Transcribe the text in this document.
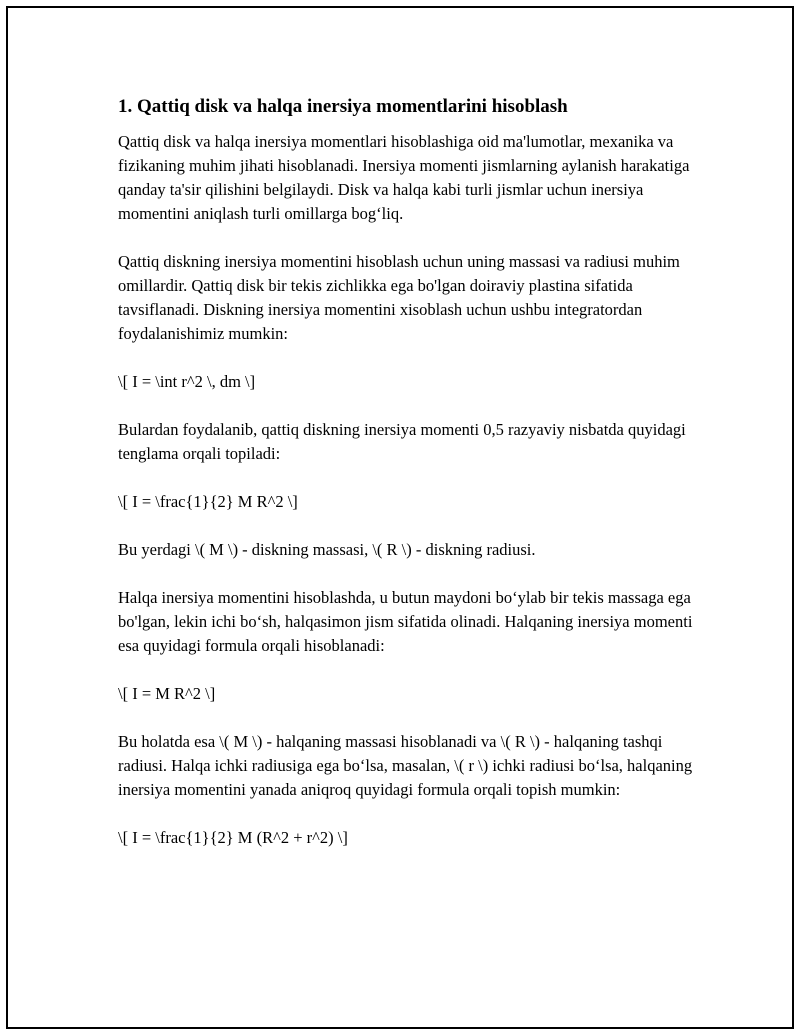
1. Qattiq disk va halqa inersiya momentlarini hisoblash

Qattiq disk va halqa inersiya momentlari hisoblashiga oid ma'lumotlar, mexanika va fizikaning muhim jihati hisoblanadi. Inersiya momenti jismlarning aylanish harakatiga qanday ta'sir qilishini belgilaydi. Disk va halqa kabi turli jismlar uchun inersiya momentini aniqlash turli omillarga bog‘liq.

Qattiq diskning inersiya momentini hisoblash uchun uning massasi va radiusi muhim omillardir. Qattiq disk bir tekis zichlikka ega bo'lgan doiraviy plastina sifatida tavsiflanadi. Diskning inersiya momentini xisoblash uchun ushbu integratordan foydalanishimiz mumkin:

\[ I = \int r^2 \, dm \]

Bulardan foydalanib, qattiq diskning inersiya momenti 0,5 razyaviy nisbatda quyidagi tenglama orqali topiladi:

\[ I = \frac{1}{2} M R^2 \]

Bu yerdagi \( M \) - diskning massasi, \( R \) - diskning radiusi.

Halqa inersiya momentini hisoblashda, u butun maydoni bo‘ylab bir tekis massaga ega bo'lgan, lekin ichi bo‘sh, halqasimon jism sifatida olinadi. Halqaning inersiya momenti esa quyidagi formula orqali hisoblanadi:

\[ I = M R^2 \]

Bu holatda esa \( M \) - halqaning massasi hisoblanadi va \( R \) - halqaning tashqi radiusi. Halqa ichki radiusiga ega bo‘lsa, masalan, \( r \) ichki radiusi bo‘lsa, halqaning inersiya momentini yanada aniqroq quyidagi formula orqali topish mumkin:

\[ I = \frac{1}{2} M (R^2 + r^2) \]
